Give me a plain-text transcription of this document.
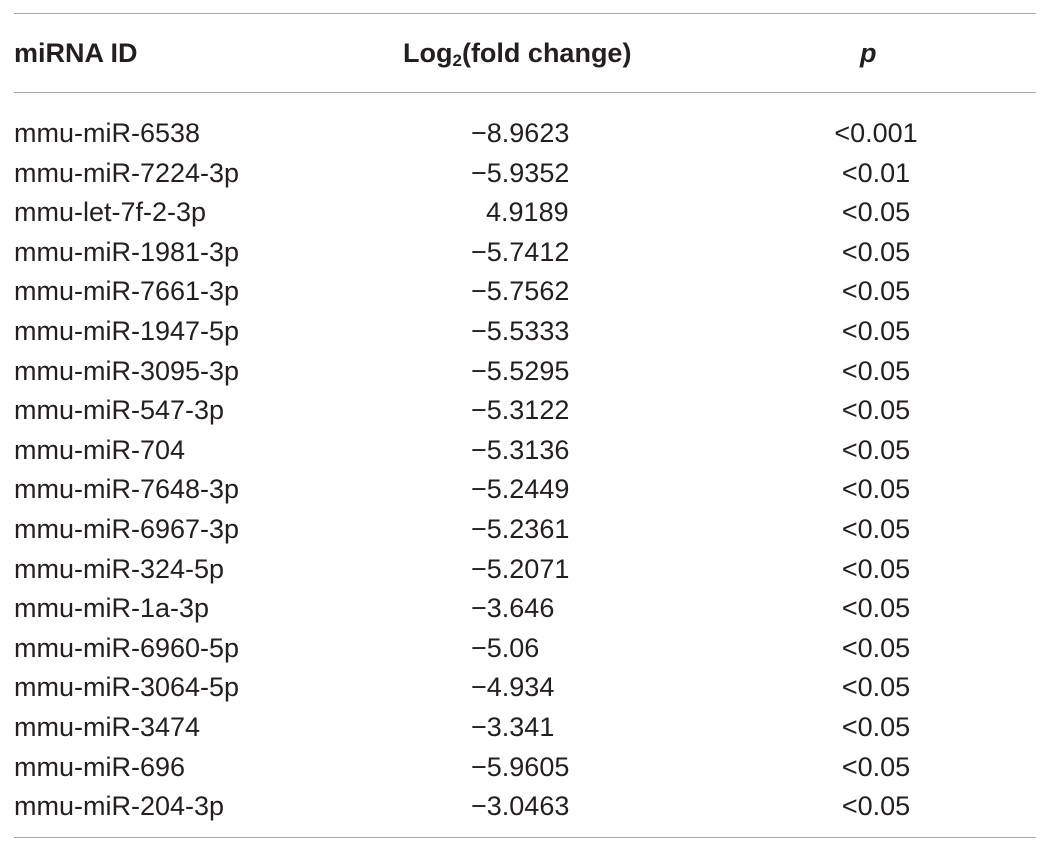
miRNA ID	Log$_2$(fold change)	p
mmu-miR-6538	−8.9623	<0.001
mmu-miR-7224-3p	−5.9352	<0.01
mmu-let-7f-2-3p	 4.9189	<0.05
mmu-miR-1981-3p	−5.7412	<0.05
mmu-miR-7661-3p	−5.7562	<0.05
mmu-miR-1947-5p	−5.5333	<0.05
mmu-miR-3095-3p	−5.5295	<0.05
mmu-miR-547-3p	−5.3122	<0.05
mmu-miR-704	−5.3136	<0.05
mmu-miR-7648-3p	−5.2449	<0.05
mmu-miR-6967-3p	−5.2361	<0.05
mmu-miR-324-5p	−5.2071	<0.05
mmu-miR-1a-3p	−3.646	<0.05
mmu-miR-6960-5p	−5.06	<0.05
mmu-miR-3064-5p	−4.934	<0.05
mmu-miR-3474	−3.341	<0.05
mmu-miR-696	−5.9605	<0.05
mmu-miR-204-3p	−3.0463	<0.05
